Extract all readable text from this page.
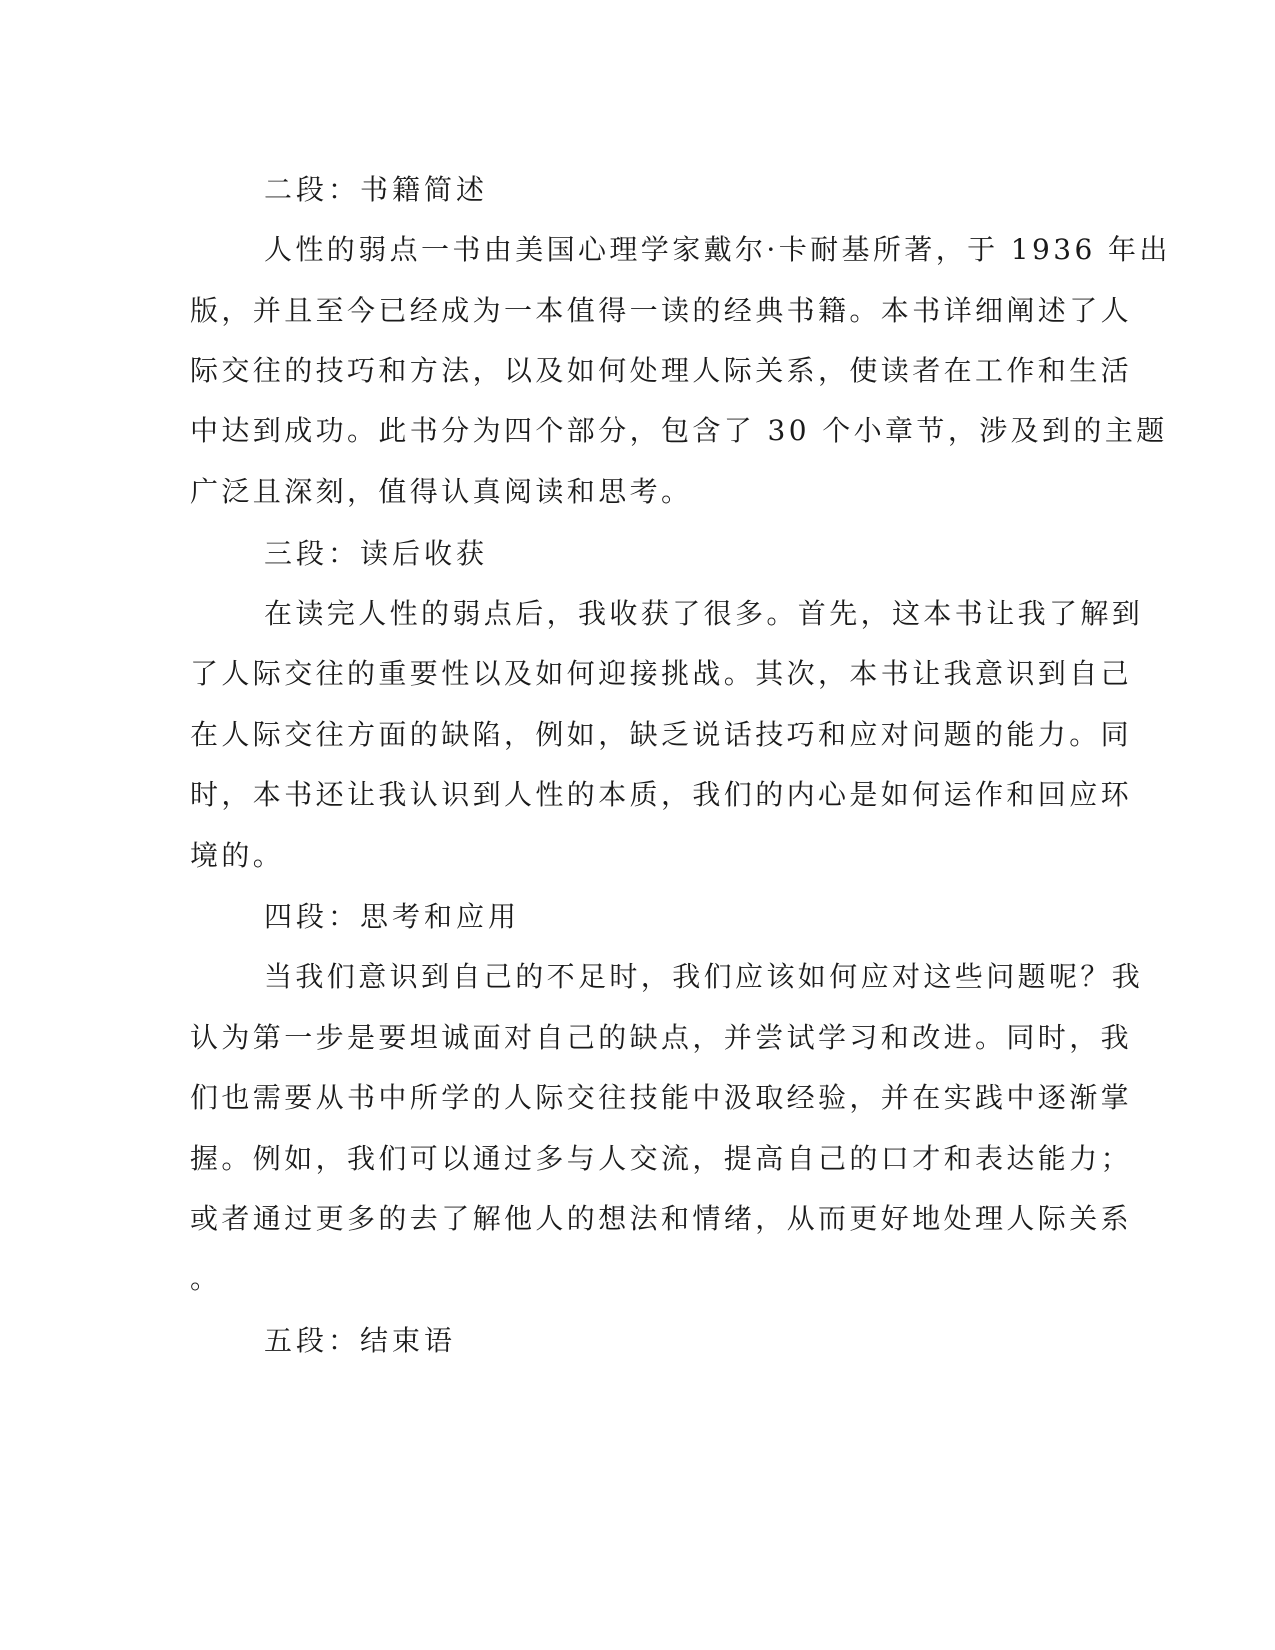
二段：书籍简述
人性的弱点一书由美国心理学家戴尔·卡耐基所著，于 1936 年出
版，并且至今已经成为一本值得一读的经典书籍。本书详细阐述了人
际交往的技巧和方法，以及如何处理人际关系，使读者在工作和生活
中达到成功。此书分为四个部分，包含了 30 个小章节，涉及到的主题
广泛且深刻，值得认真阅读和思考。
三段：读后收获
在读完人性的弱点后，我收获了很多。首先，这本书让我了解到
了人际交往的重要性以及如何迎接挑战。其次，本书让我意识到自己
在人际交往方面的缺陷，例如，缺乏说话技巧和应对问题的能力。同
时，本书还让我认识到人性的本质，我们的内心是如何运作和回应环
境的。
四段：思考和应用
当我们意识到自己的不足时，我们应该如何应对这些问题呢？我
认为第一步是要坦诚面对自己的缺点，并尝试学习和改进。同时，我
们也需要从书中所学的人际交往技能中汲取经验，并在实践中逐渐掌
握。例如，我们可以通过多与人交流，提高自己的口才和表达能力；
或者通过更多的去了解他人的想法和情绪，从而更好地处理人际关系
。
五段：结束语
